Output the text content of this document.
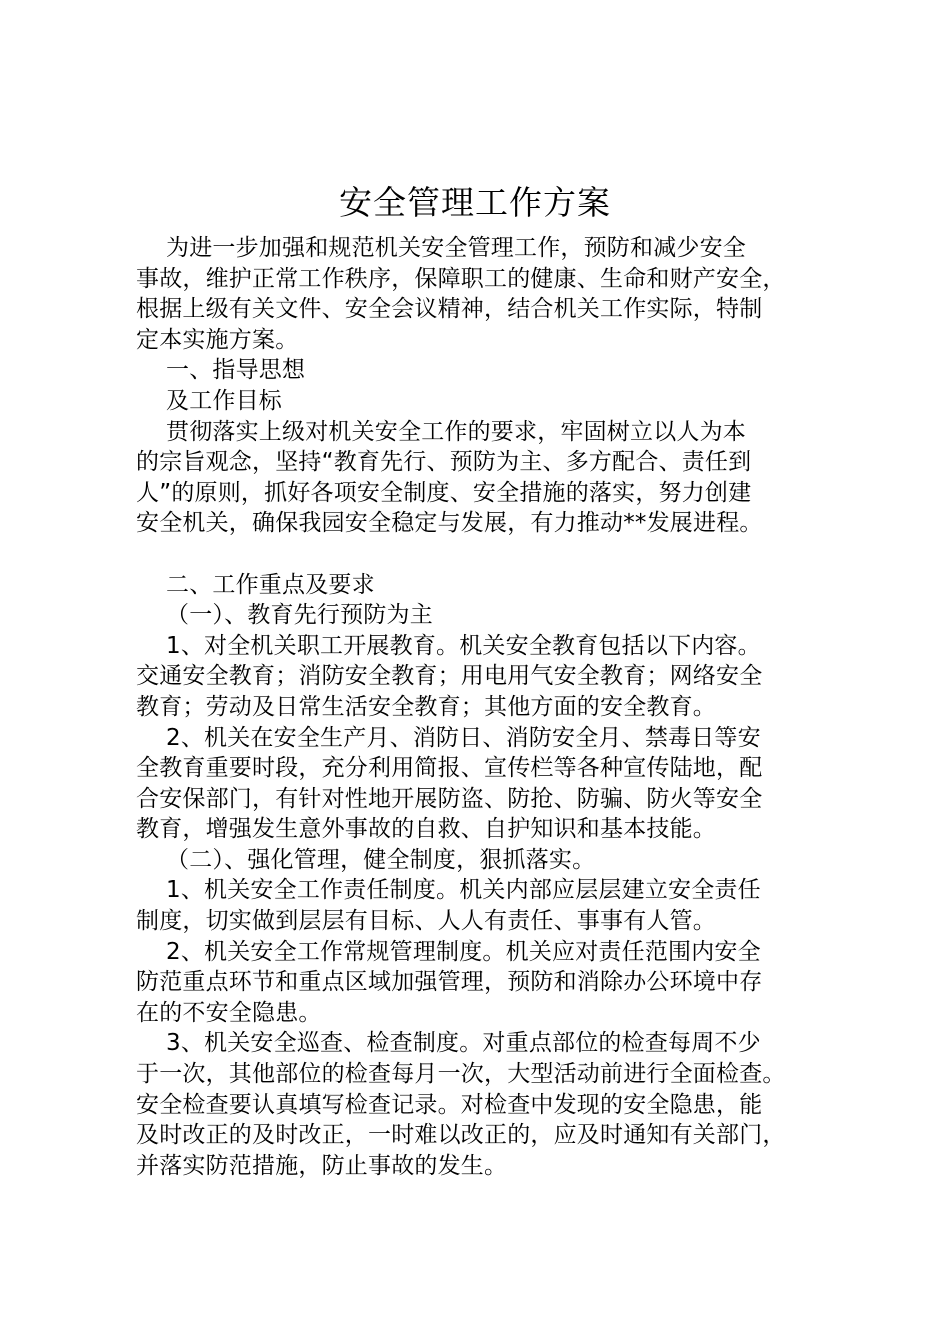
安全管理工作方案
为进一步加强和规范机关安全管理工作，预防和减少安全
事故，维护正常工作秩序，保障职工的健康、生命和财产安全，
根据上级有关文件、安全会议精神，结合机关工作实际，特制
定本实施方案。
一、指导思想
及工作目标
贯彻落实上级对机关安全工作的要求，牢固树立以人为本
的宗旨观念，坚持“教育先行、预防为主、多方配合、责任到
人”的原则，抓好各项安全制度、安全措施的落实，努力创建
安全机关，确保我园安全稳定与发展，有力推动**发展进程。
二、工作重点及要求
（一）、教育先行预防为主
1、对全机关职工开展教育。机关安全教育包括以下内容。
交通安全教育；消防安全教育；用电用气安全教育；网络安全
教育；劳动及日常生活安全教育；其他方面的安全教育。
2、机关在安全生产月、消防日、消防安全月、禁毒日等安
全教育重要时段，充分利用简报、宣传栏等各种宣传陆地，配
合安保部门，有针对性地开展防盗、防抢、防骗、防火等安全
教育，增强发生意外事故的自救、自护知识和基本技能。
（二）、强化管理，健全制度，狠抓落实。
1、机关安全工作责任制度。机关内部应层层建立安全责任
制度，切实做到层层有目标、人人有责任、事事有人管。
2、机关安全工作常规管理制度。机关应对责任范围内安全
防范重点环节和重点区域加强管理，预防和消除办公环境中存
在的不安全隐患。
3、机关安全巡查、检查制度。对重点部位的检查每周不少
于一次，其他部位的检查每月一次，大型活动前进行全面检查。
安全检查要认真填写检查记录。对检查中发现的安全隐患，能
及时改正的及时改正，一时难以改正的，应及时通知有关部门，
并落实防范措施，防止事故的发生。
